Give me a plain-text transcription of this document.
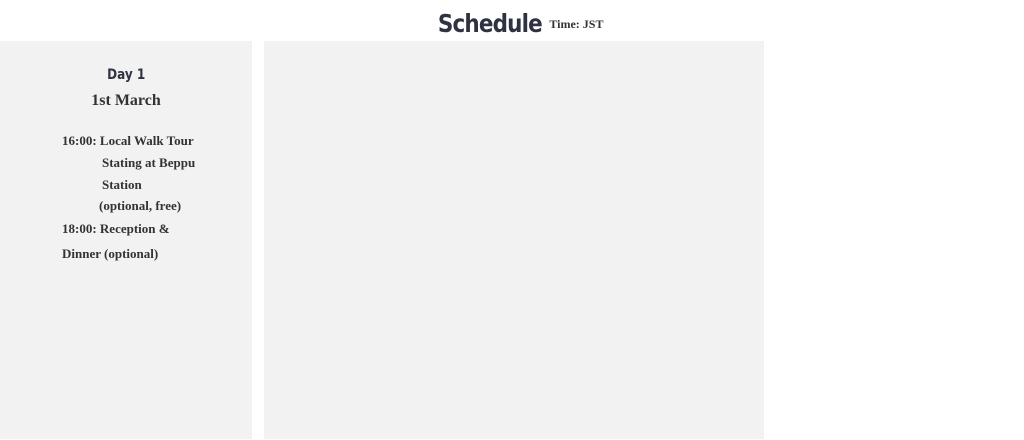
Schedule Time: JST
Day 1
1st March
16:00: Local Walk Tour
Stating at Beppu
Station
(optional, free)
18:00: Reception &
Dinner (optional)
